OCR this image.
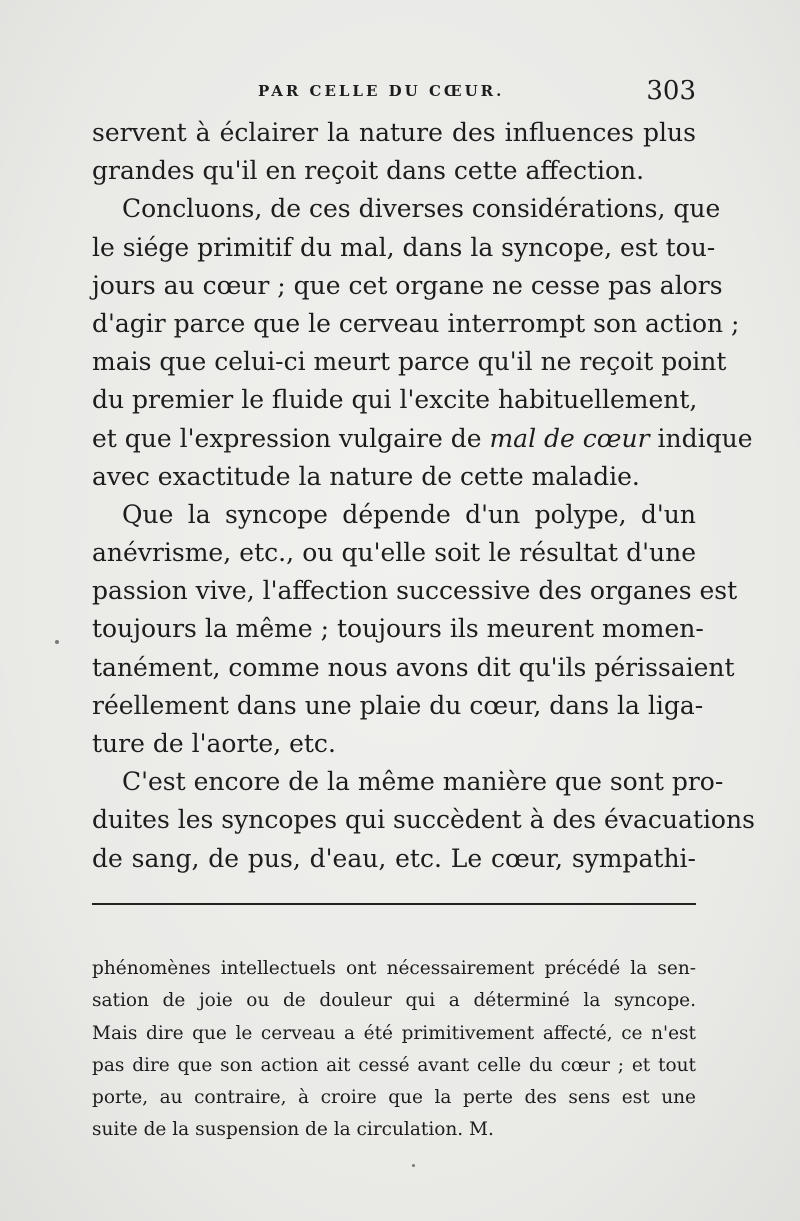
PAR CELLE DU CŒUR.	303
servent à éclairer la nature des influences plus
grandes qu'il en reçoit dans cette affection.
Concluons, de ces diverses considérations, que
le siége primitif du mal, dans la syncope, est tou-
jours au cœur ; que cet organe ne cesse pas alors
d'agir parce que le cerveau interrompt son action ;
mais que celui-ci meurt parce qu'il ne reçoit point
du premier le fluide qui l'excite habituellement,
et que l'expression vulgaire de mal de cœur indique
avec exactitude la nature de cette maladie.
Que la syncope dépende d'un polype, d'un
anévrisme, etc., ou qu'elle soit le résultat d'une
passion vive, l'affection successive des organes est
toujours la même ; toujours ils meurent momen-
tanément, comme nous avons dit qu'ils périssaient
réellement dans une plaie du cœur, dans la liga-
ture de l'aorte, etc.
C'est encore de la même manière que sont pro-
duites les syncopes qui succèdent à des évacuations
de sang, de pus, d'eau, etc. Le cœur, sympathi-
phénomènes intellectuels ont nécessairement précédé la sen-
sation de joie ou de douleur qui a déterminé la syncope.
Mais dire que le cerveau a été primitivement affecté, ce n'est
pas dire que son action ait cessé avant celle du cœur ; et tout
porte, au contraire, à croire que la perte des sens est une
suite de la suspension de la circulation. M.
